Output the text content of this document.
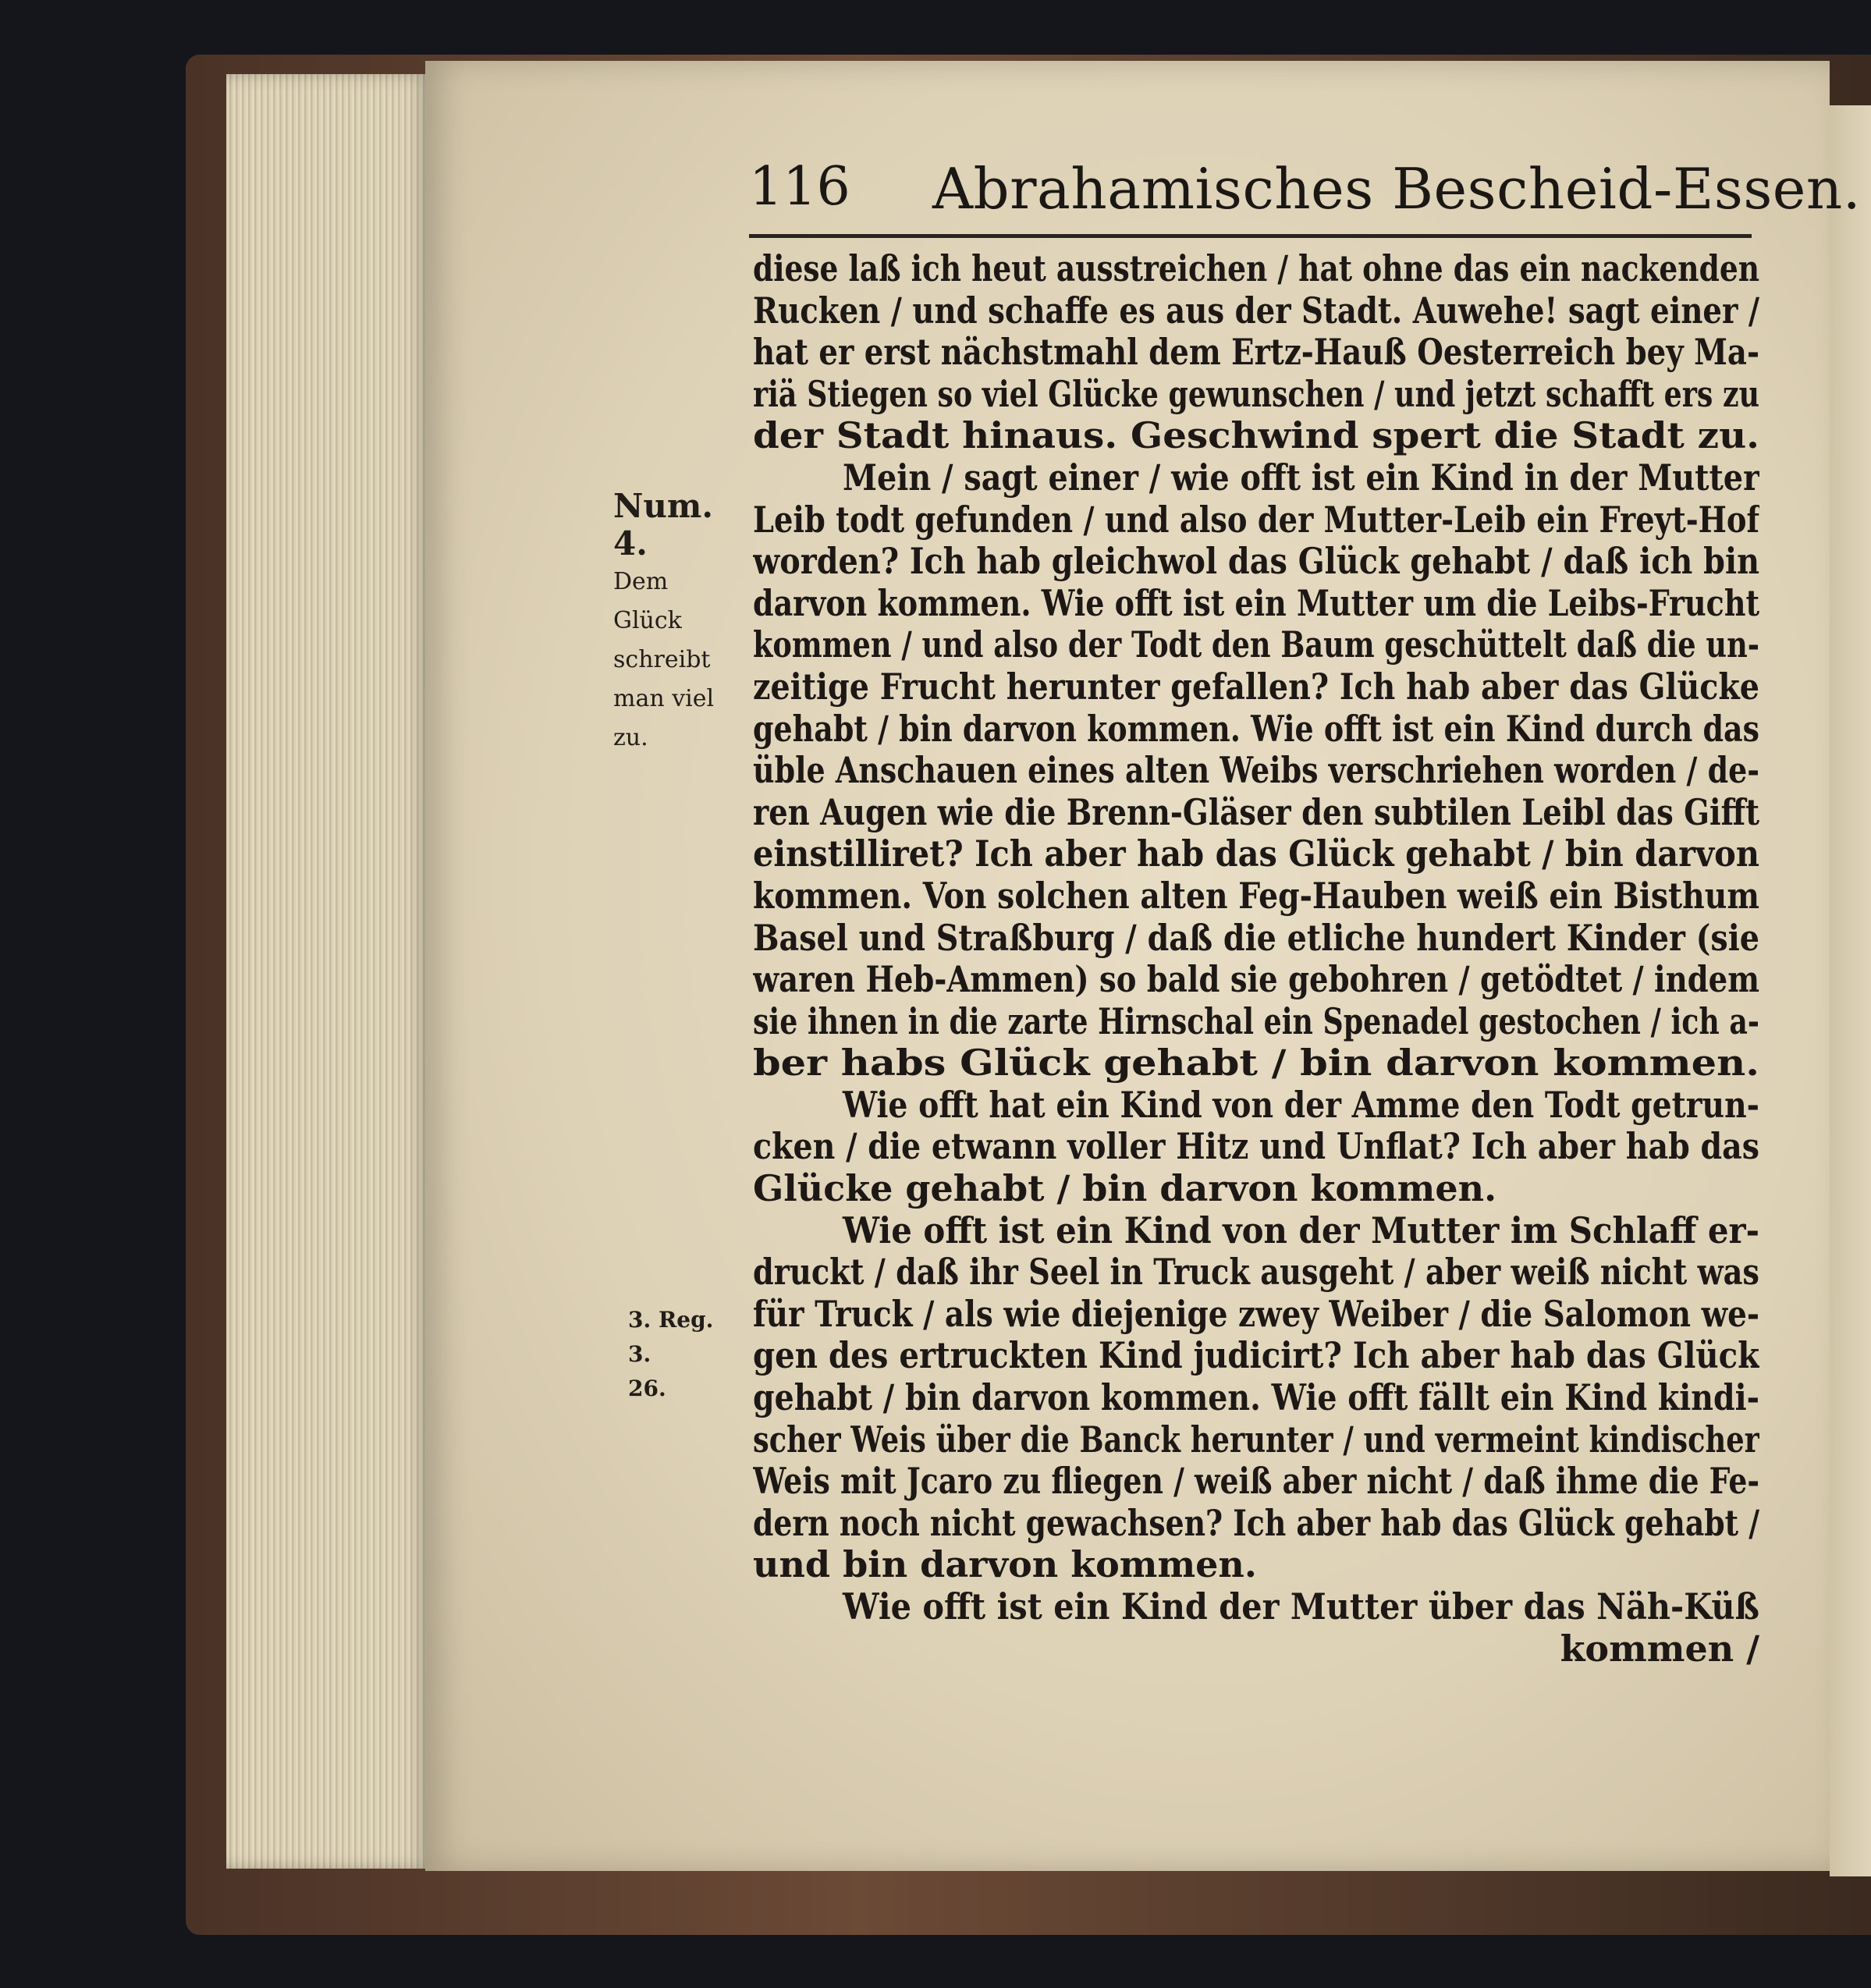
116 Abrahamisches Bescheid-Essen.
Num. 4.
Dem
Glück
schreibt
man viel
zu.
3. Reg. 3.
26.
diese laß ich heut ausstreichen / hat ohne das ein nackenden
Rucken / und schaffe es aus der Stadt. Auwehe! sagt einer /
hat er erst nächstmahl dem Ertz-Hauß Oesterreich bey Ma-
riä Stiegen so viel Glücke gewunschen / und jetzt schafft ers zu
der Stadt hinaus. Geschwind spert die Stadt zu.
Mein / sagt einer / wie offt ist ein Kind in der Mutter
Leib todt gefunden / und also der Mutter-Leib ein Freyt-Hof
worden? Ich hab gleichwol das Glück gehabt / daß ich bin
darvon kommen. Wie offt ist ein Mutter um die Leibs-Frucht
kommen / und also der Todt den Baum geschüttelt daß die un-
zeitige Frucht herunter gefallen? Ich hab aber das Glücke
gehabt / bin darvon kommen. Wie offt ist ein Kind durch das
üble Anschauen eines alten Weibs verschriehen worden / de-
ren Augen wie die Brenn-Gläser den subtilen Leibl das Gifft
einstilliret? Ich aber hab das Glück gehabt / bin darvon
kommen. Von solchen alten Feg-Hauben weiß ein Bisthum
Basel und Straßburg / daß die etliche hundert Kinder (sie
waren Heb-Ammen) so bald sie gebohren / getödtet / indem
sie ihnen in die zarte Hirnschal ein Spenadel gestochen / ich a-
ber habs Glück gehabt / bin darvon kommen.
Wie offt hat ein Kind von der Amme den Todt getrun-
cken / die etwann voller Hitz und Unflat? Ich aber hab das
Glücke gehabt / bin darvon kommen.
Wie offt ist ein Kind von der Mutter im Schlaff er-
druckt / daß ihr Seel in Truck ausgeht / aber weiß nicht was
für Truck / als wie diejenige zwey Weiber / die Salomon we-
gen des ertruckten Kind judicirt? Ich aber hab das Glück
gehabt / bin darvon kommen. Wie offt fällt ein Kind kindi-
scher Weis über die Banck herunter / und vermeint kindischer
Weis mit Jcaro zu fliegen / weiß aber nicht / daß ihme die Fe-
dern noch nicht gewachsen? Ich aber hab das Glück gehabt /
und bin darvon kommen.
Wie offt ist ein Kind der Mutter über das Näh-Küß
kommen /
